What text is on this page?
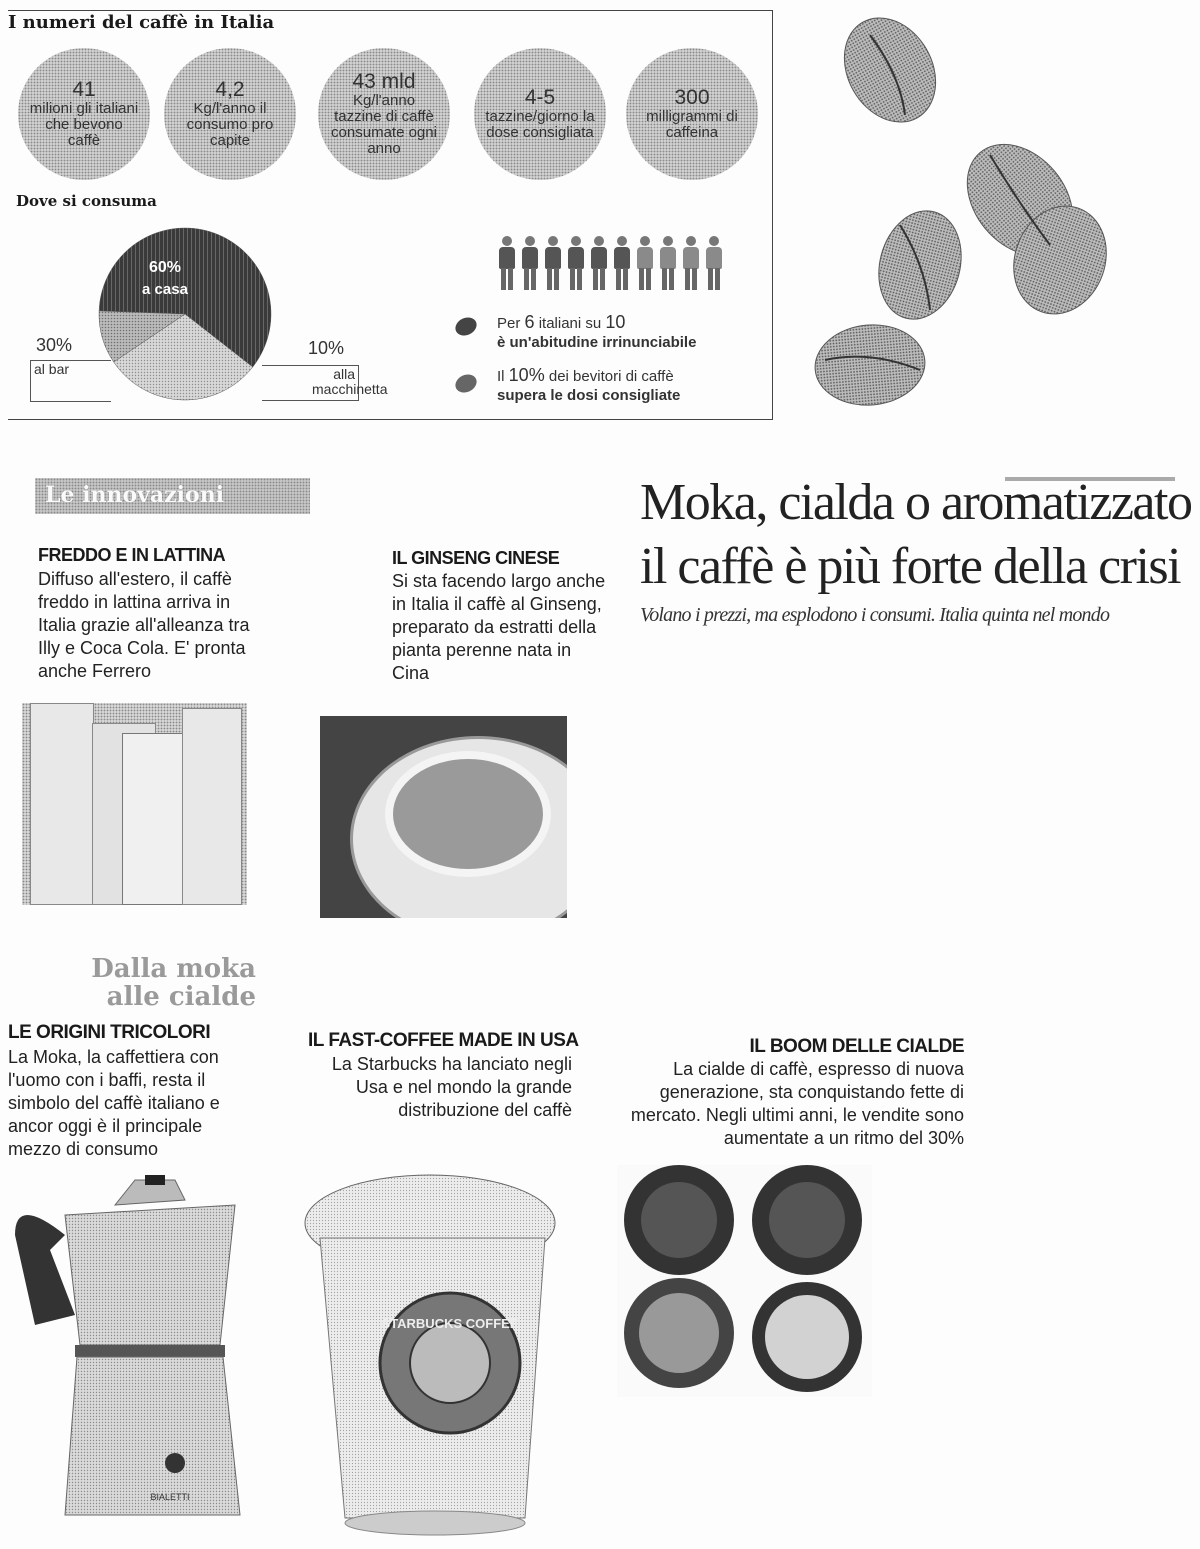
I numeri del caffè in Italia
41
milioni gli italiani che bevono caffè
4,2
Kg/l'anno il consumo pro capite
43 mld
Kg/l'anno tazzine di caffè consumate ogni anno
4-5
tazzine/giorno la dose consigliata
300
milligrammi di caffeina
Dove si consuma
60%
a casa
30%
al bar
10%
alla macchinetta
Per 6 italiani su 10
è un'abitudine irrinunciabile
Il 10% dei bevitori di caffè
supera le dosi consigliate
Moka, cialda o aromatizzato
il caffè è più forte della crisi
Volano i prezzi, ma esplodono i consumi. Italia quinta nel mondo
Le innovazioni
FREDDO E IN LATTINA
Diffuso all'estero, il caffè freddo in lattina arriva in Italia grazie all'alleanza tra Illy e Coca Cola. E' pronta anche Ferrero
IL GINSENG CINESE
Si sta facendo largo anche in Italia il caffè al Ginseng, preparato da estratti della pianta perenne nata in Cina
Dalla moka
alle cialde
LE ORIGINI TRICOLORI
La Moka, la caffettiera con l'uomo con i baffi, resta il simbolo del caffè italiano e ancor oggi è il principale mezzo di consumo
IL FAST-COFFEE MADE IN USA
La Starbucks ha lanciato negli Usa e nel mondo la grande distribuzione del caffè
IL BOOM DELLE CIALDE
La cialde di caffè, espresso di nuova generazione, sta conquistando fette di mercato. Negli ultimi anni, le vendite sono aumentate a un ritmo del 30%
BIALETTI
STARBUCKS COFFEE
